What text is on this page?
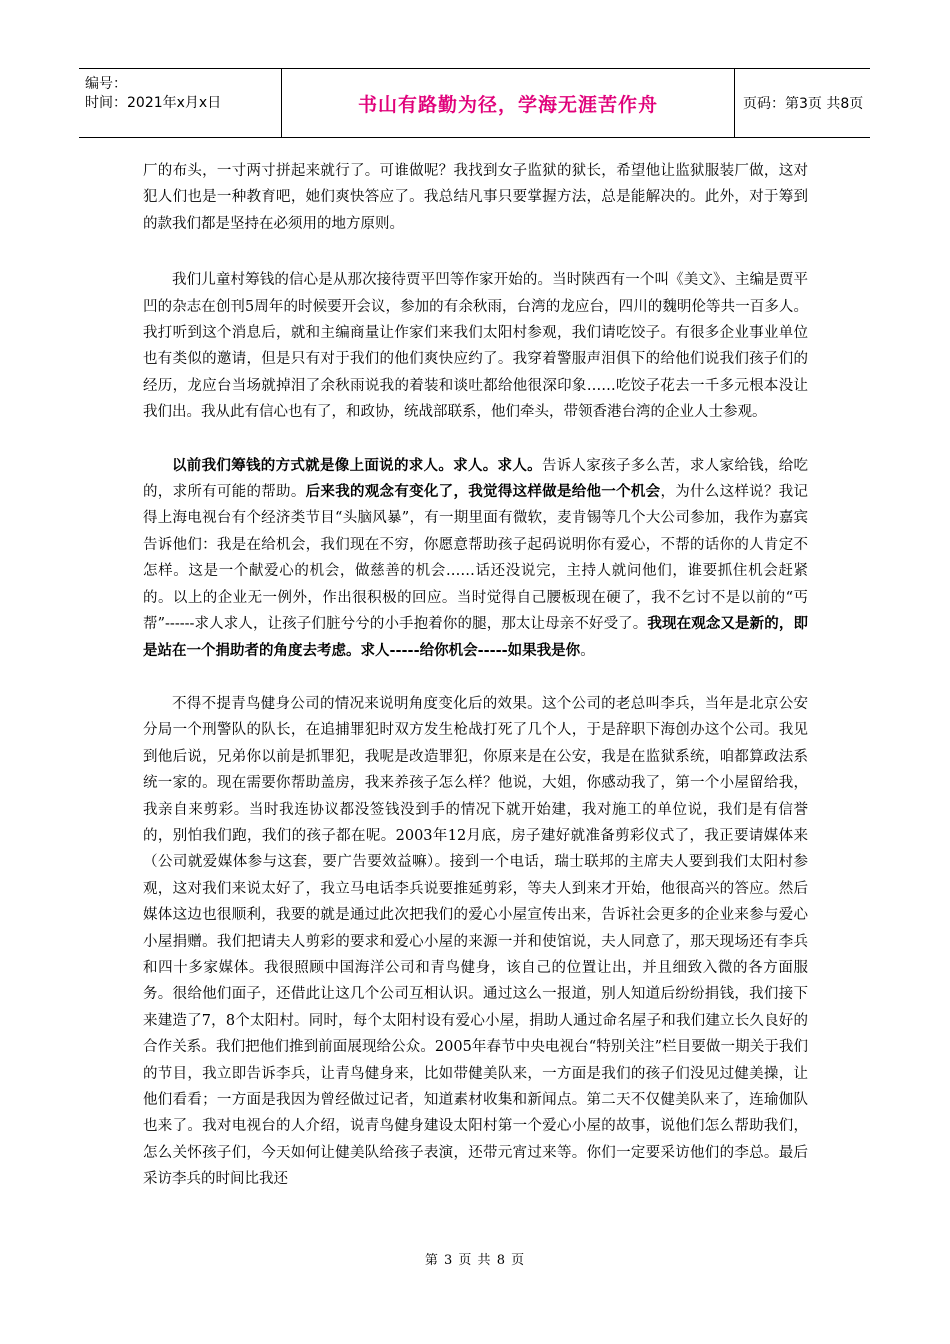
编号：
时间：2021年x月x日	书山有路勤为径，学海无涯苦作舟	页码：第3页 共8页

厂的布头，一寸两寸拼起来就行了。可谁做呢？我找到女子监狱的狱长，希望他让监狱服装厂做，这对犯人们也是一种教育吧，她们爽快答应了。我总结凡事只要掌握方法，总是能解决的。此外，对于筹到的款我们都是坚持在必须用的地方原则。

我们儿童村筹钱的信心是从那次接待贾平凹等作家开始的。当时陕西有一个叫《美文》、主编是贾平凹的杂志在创刊5周年的时候要开会议，参加的有余秋雨，台湾的龙应台，四川的魏明伦等共一百多人。我打听到这个消息后，就和主编商量让作家们来我们太阳村参观，我们请吃饺子。有很多企业事业单位也有类似的邀请，但是只有对于我们的他们爽快应约了。我穿着警服声泪俱下的给他们说我们孩子们的经历，龙应台当场就掉泪了余秋雨说我的着装和谈吐都给他很深印象……吃饺子花去一千多元根本没让我们出。我从此有信心也有了，和政协，统战部联系，他们牵头，带领香港台湾的企业人士参观。

以前我们筹钱的方式就是像上面说的求人。求人。求人。告诉人家孩子多么苦，求人家给钱，给吃的，求所有可能的帮助。后来我的观念有变化了，我觉得这样做是给他一个机会，为什么这样说？我记得上海电视台有个经济类节目“头脑风暴”，有一期里面有微软，麦肯锡等几个大公司参加，我作为嘉宾告诉他们：我是在给机会，我们现在不穷，你愿意帮助孩子起码说明你有爱心，不帮的话你的人肯定不怎样。这是一个献爱心的机会，做慈善的机会……话还没说完，主持人就问他们，谁要抓住机会赶紧的。以上的企业无一例外，作出很积极的回应。当时觉得自己腰板现在硬了，我不乞讨不是以前的“丐帮”------求人求人，让孩子们脏兮兮的小手抱着你的腿，那太让母亲不好受了。我现在观念又是新的，即是站在一个捐助者的角度去考虑。求人-----给你机会-----如果我是你。

不得不提青鸟健身公司的情况来说明角度变化后的效果。这个公司的老总叫李兵，当年是北京公安分局一个刑警队的队长，在追捕罪犯时双方发生枪战打死了几个人，于是辞职下海创办这个公司。我见到他后说，兄弟你以前是抓罪犯，我呢是改造罪犯，你原来是在公安，我是在监狱系统，咱都算政法系统一家的。现在需要你帮助盖房，我来养孩子怎么样？他说，大姐，你感动我了，第一个小屋留给我，我亲自来剪彩。当时我连协议都没签钱没到手的情况下就开始建，我对施工的单位说，我们是有信誉的，别怕我们跑，我们的孩子都在呢。2003年12月底，房子建好就准备剪彩仪式了，我正要请媒体来（公司就爱媒体参与这套，要广告要效益嘛）。接到一个电话，瑞士联邦的主席夫人要到我们太阳村参观，这对我们来说太好了，我立马电话李兵说要推延剪彩，等夫人到来才开始，他很高兴的答应。然后媒体这边也很顺利，我要的就是通过此次把我们的爱心小屋宣传出来，告诉社会更多的企业来参与爱心小屋捐赠。我们把请夫人剪彩的要求和爱心小屋的来源一并和使馆说，夫人同意了，那天现场还有李兵和四十多家媒体。我很照顾中国海洋公司和青鸟健身，该自己的位置让出，并且细致入微的各方面服务。很给他们面子，还借此让这几个公司互相认识。通过这么一报道，别人知道后纷纷捐钱，我们接下来建造了7，8个太阳村。同时，每个太阳村设有爱心小屋，捐助人通过命名屋子和我们建立长久良好的合作关系。我们把他们推到前面展现给公众。2005年春节中央电视台“特别关注”栏目要做一期关于我们的节目，我立即告诉李兵，让青鸟健身来，比如带健美队来，一方面是我们的孩子们没见过健美操，让他们看看；一方面是我因为曾经做过记者，知道素材收集和新闻点。第二天不仅健美队来了，连瑜伽队也来了。我对电视台的人介绍，说青鸟健身建设太阳村第一个爱心小屋的故事，说他们怎么帮助我们，怎么关怀孩子们，今天如何让健美队给孩子表演，还带元宵过来等。你们一定要采访他们的李总。最后采访李兵的时间比我还

第 3 页 共 8 页
